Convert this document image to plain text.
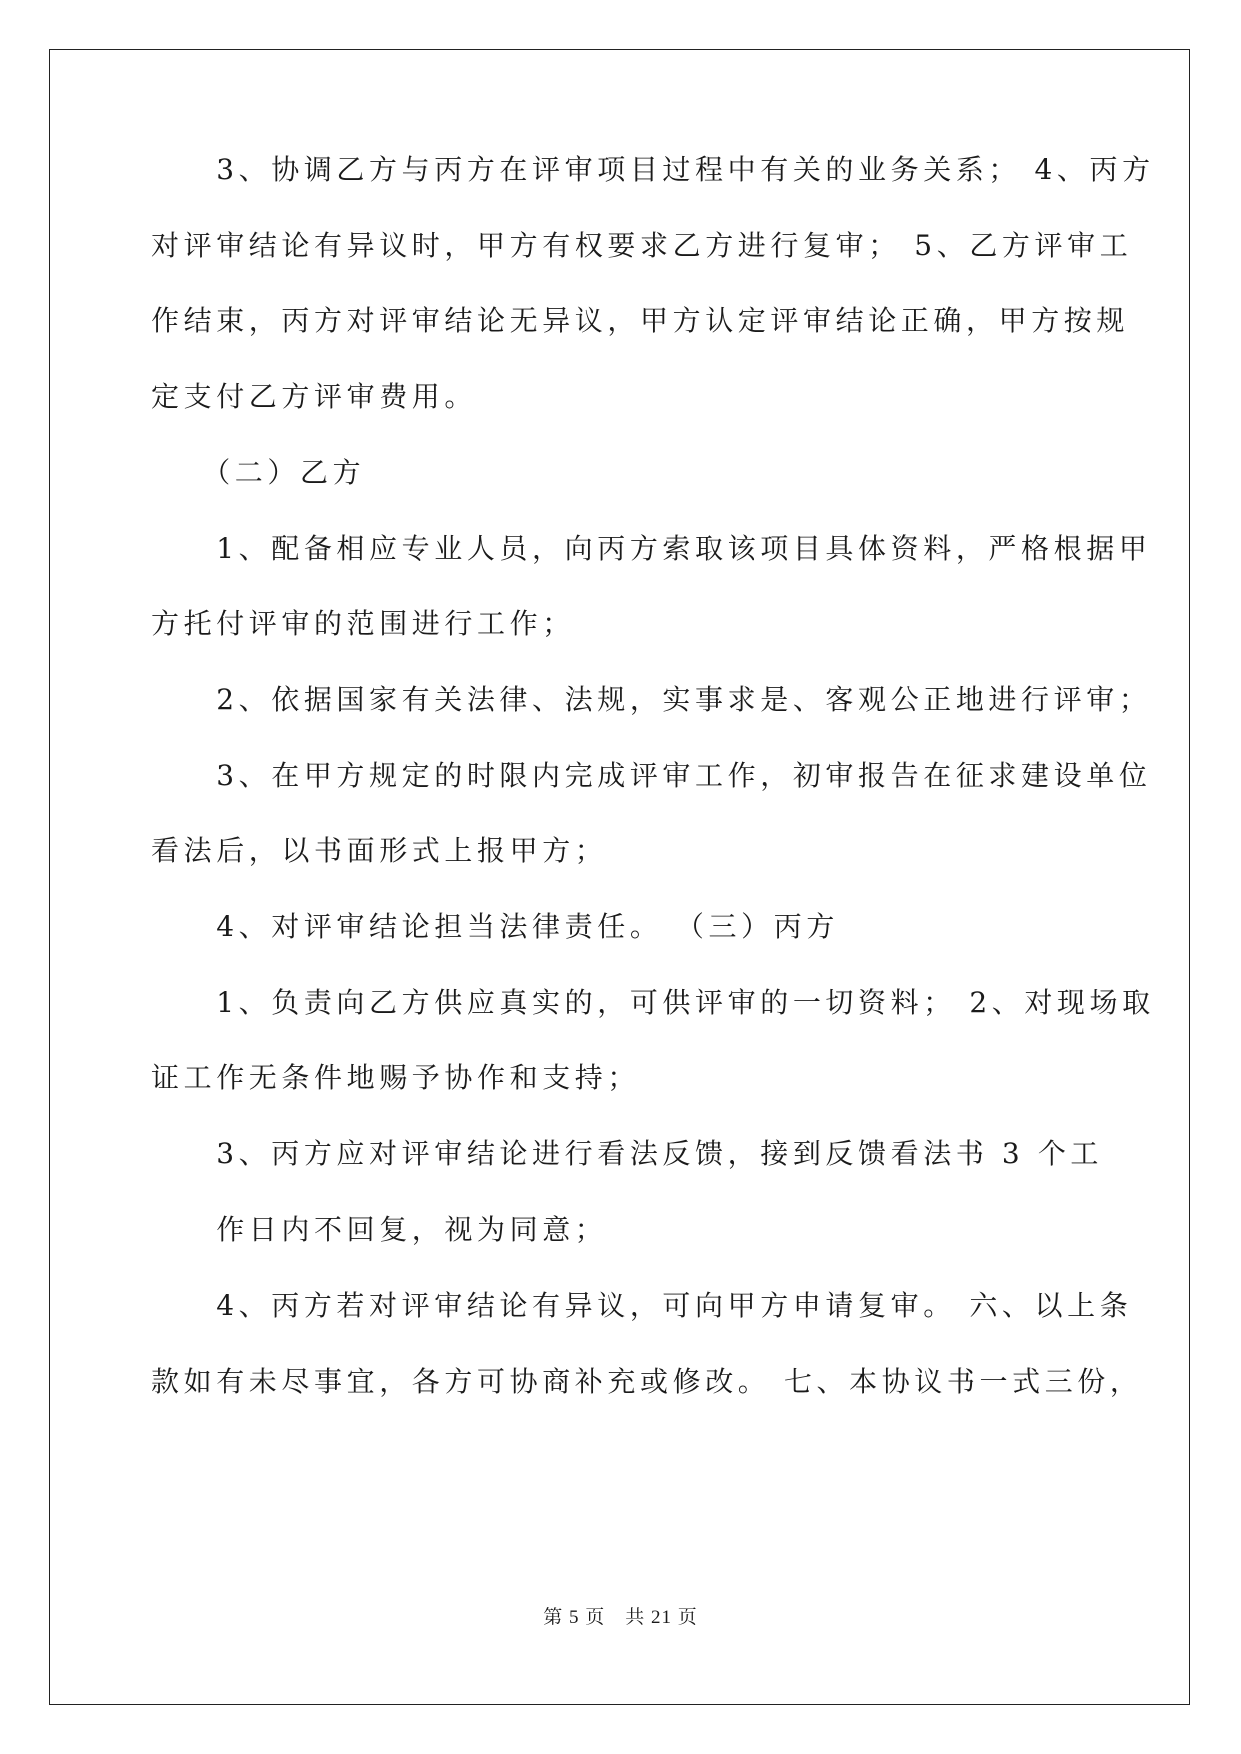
　　3、协调乙方与丙方在评审项目过程中有关的业务关系； 4、丙方
对评审结论有异议时，甲方有权要求乙方进行复审； 5、乙方评审工
作结束，丙方对评审结论无异议，甲方认定评审结论正确，甲方按规
定支付乙方评审费用。
　　（二）乙方
　　1、配备相应专业人员，向丙方索取该项目具体资料，严格根据甲
方托付评审的范围进行工作；
　　2、依据国家有关法律、法规，实事求是、客观公正地进行评审；
　　3、在甲方规定的时限内完成评审工作，初审报告在征求建设单位
看法后，以书面形式上报甲方；
　　4、对评审结论担当法律责任。 （三）丙方
　　1、负责向乙方供应真实的，可供评审的一切资料； 2、对现场取
证工作无条件地赐予协作和支持；
　　3、丙方应对评审结论进行看法反馈，接到反馈看法书 3 个工
　　作日内不回复，视为同意；
　　4、丙方若对评审结论有异议，可向甲方申请复审。 六、以上条
款如有未尽事宜，各方可协商补充或修改。 七、本协议书一式三份，
第 5 页　共 21 页
